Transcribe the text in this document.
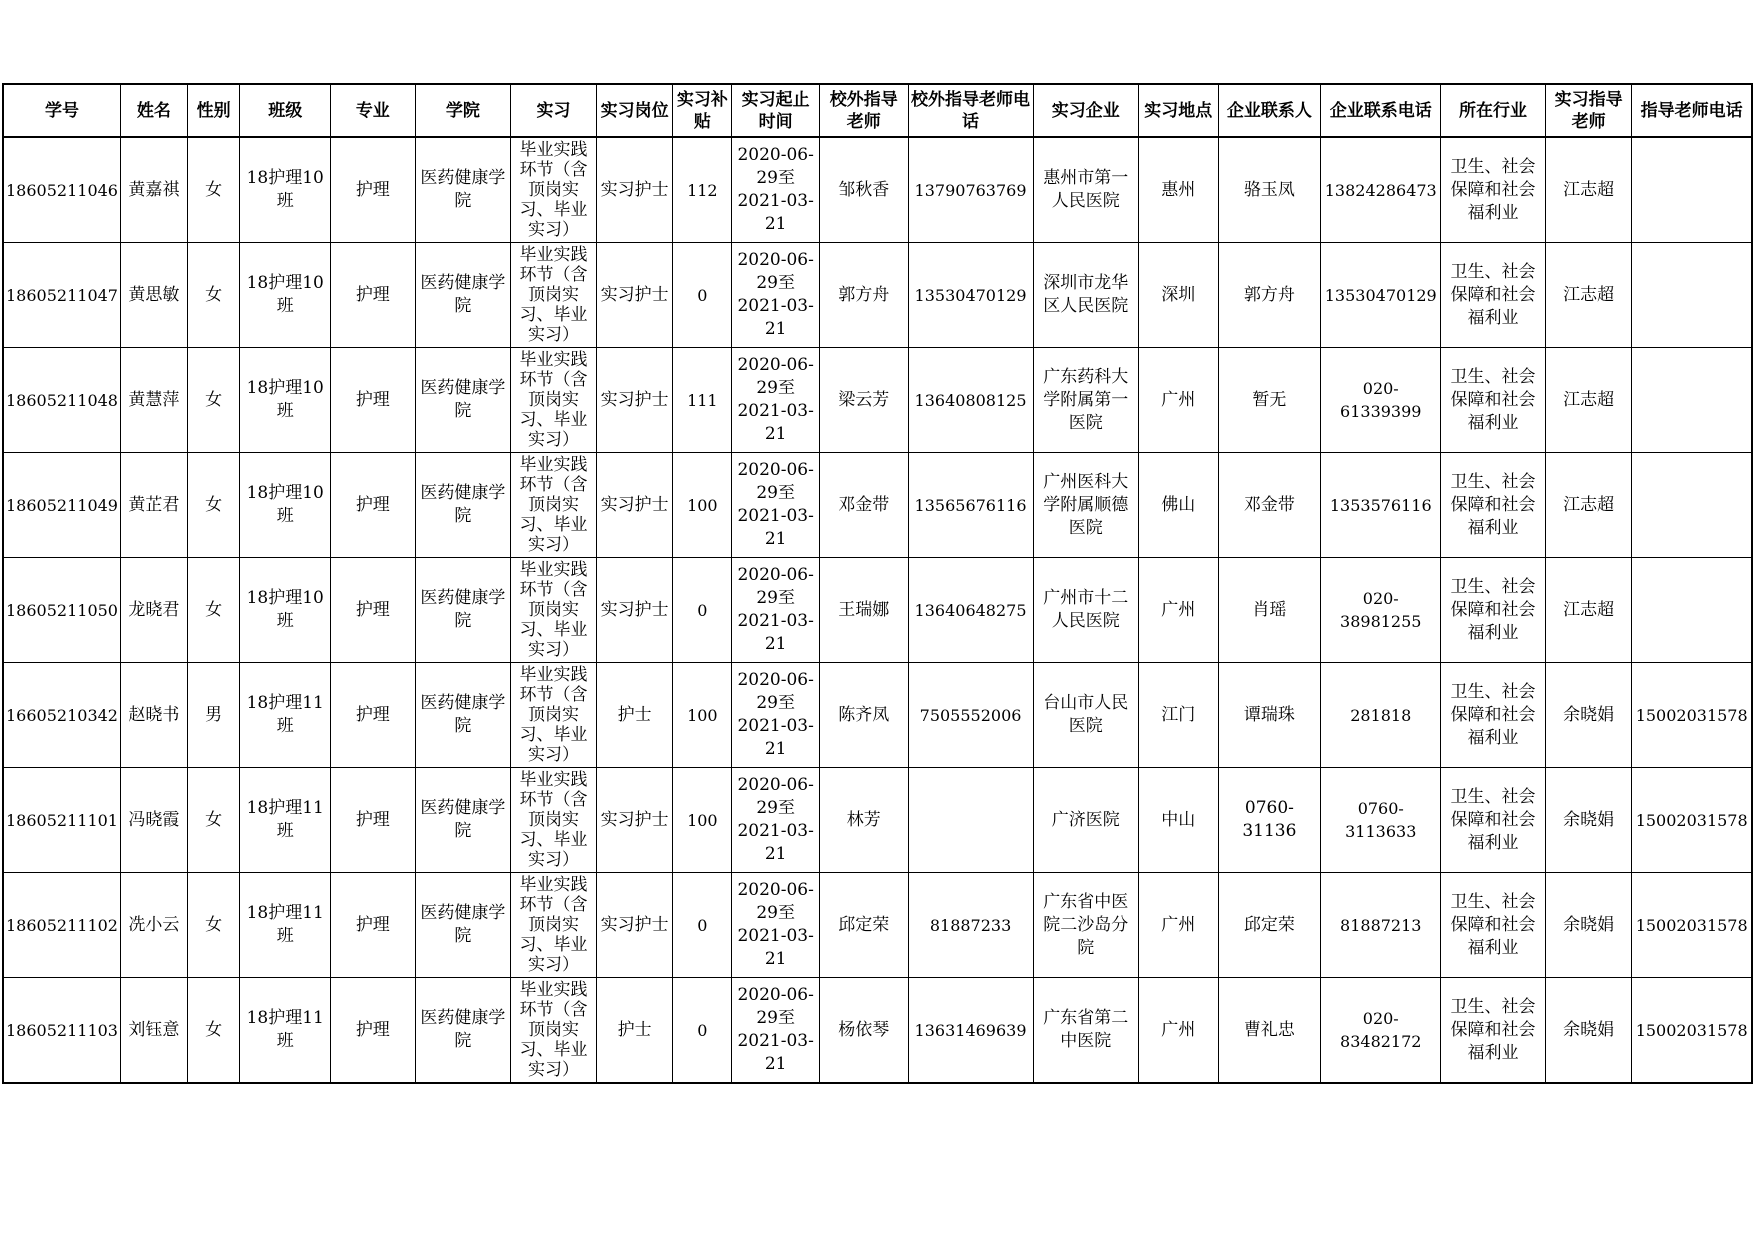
学号	姓名	性别	班级	专业	学院	实习	实习岗位	实习补贴	实习起止时间	校外指导老师	校外指导老师电话	实习企业	实习地点	企业联系人	企业联系电话	所在行业	实习指导老师	指导老师电话
18605211046	黄嘉祺	女	18护理10班	护理	医药健康学院	毕业实践环节（含顶岗实习、毕业实习）	实习护士	112	2020-06-29至2021-03-21	邹秋香	13790763769	惠州市第一人民医院	惠州	骆玉凤	13824286473	卫生、社会保障和社会福利业	江志超	
18605211047	黄思敏	女	18护理10班	护理	医药健康学院	毕业实践环节（含顶岗实习、毕业实习）	实习护士	0	2020-06-29至2021-03-21	郭方舟	13530470129	深圳市龙华区人民医院	深圳	郭方舟	13530470129	卫生、社会保障和社会福利业	江志超	
18605211048	黄慧萍	女	18护理10班	护理	医药健康学院	毕业实践环节（含顶岗实习、毕业实习）	实习护士	111	2020-06-29至2021-03-21	梁云芳	13640808125	广东药科大学附属第一医院	广州	暂无	020-61339399	卫生、社会保障和社会福利业	江志超	
18605211049	黄芷君	女	18护理10班	护理	医药健康学院	毕业实践环节（含顶岗实习、毕业实习）	实习护士	100	2020-06-29至2021-03-21	邓金带	13565676116	广州医科大学附属顺德医院	佛山	邓金带	1353576116	卫生、社会保障和社会福利业	江志超	
18605211050	龙晓君	女	18护理10班	护理	医药健康学院	毕业实践环节（含顶岗实习、毕业实习）	实习护士	0	2020-06-29至2021-03-21	王瑞娜	13640648275	广州市十二人民医院	广州	肖瑶	020-38981255	卫生、社会保障和社会福利业	江志超	
16605210342	赵晓书	男	18护理11班	护理	医药健康学院	毕业实践环节（含顶岗实习、毕业实习）	护士	100	2020-06-29至2021-03-21	陈齐凤	7505552006	台山市人民医院	江门	谭瑞珠	281818	卫生、社会保障和社会福利业	余晓娟	15002031578
18605211101	冯晓霞	女	18护理11班	护理	医药健康学院	毕业实践环节（含顶岗实习、毕业实习）	实习护士	100	2020-06-29至2021-03-21	林芳		广济医院	中山	0760-31136	0760-3113633	卫生、社会保障和社会福利业	余晓娟	15002031578
18605211102	冼小云	女	18护理11班	护理	医药健康学院	毕业实践环节（含顶岗实习、毕业实习）	实习护士	0	2020-06-29至2021-03-21	邱定荣	81887233	广东省中医院二沙岛分院	广州	邱定荣	81887213	卫生、社会保障和社会福利业	余晓娟	15002031578
18605211103	刘钰意	女	18护理11班	护理	医药健康学院	毕业实践环节（含顶岗实习、毕业实习）	护士	0	2020-06-29至2021-03-21	杨依琴	13631469639	广东省第二中医院	广州	曹礼忠	020-83482172	卫生、社会保障和社会福利业	余晓娟	15002031578
